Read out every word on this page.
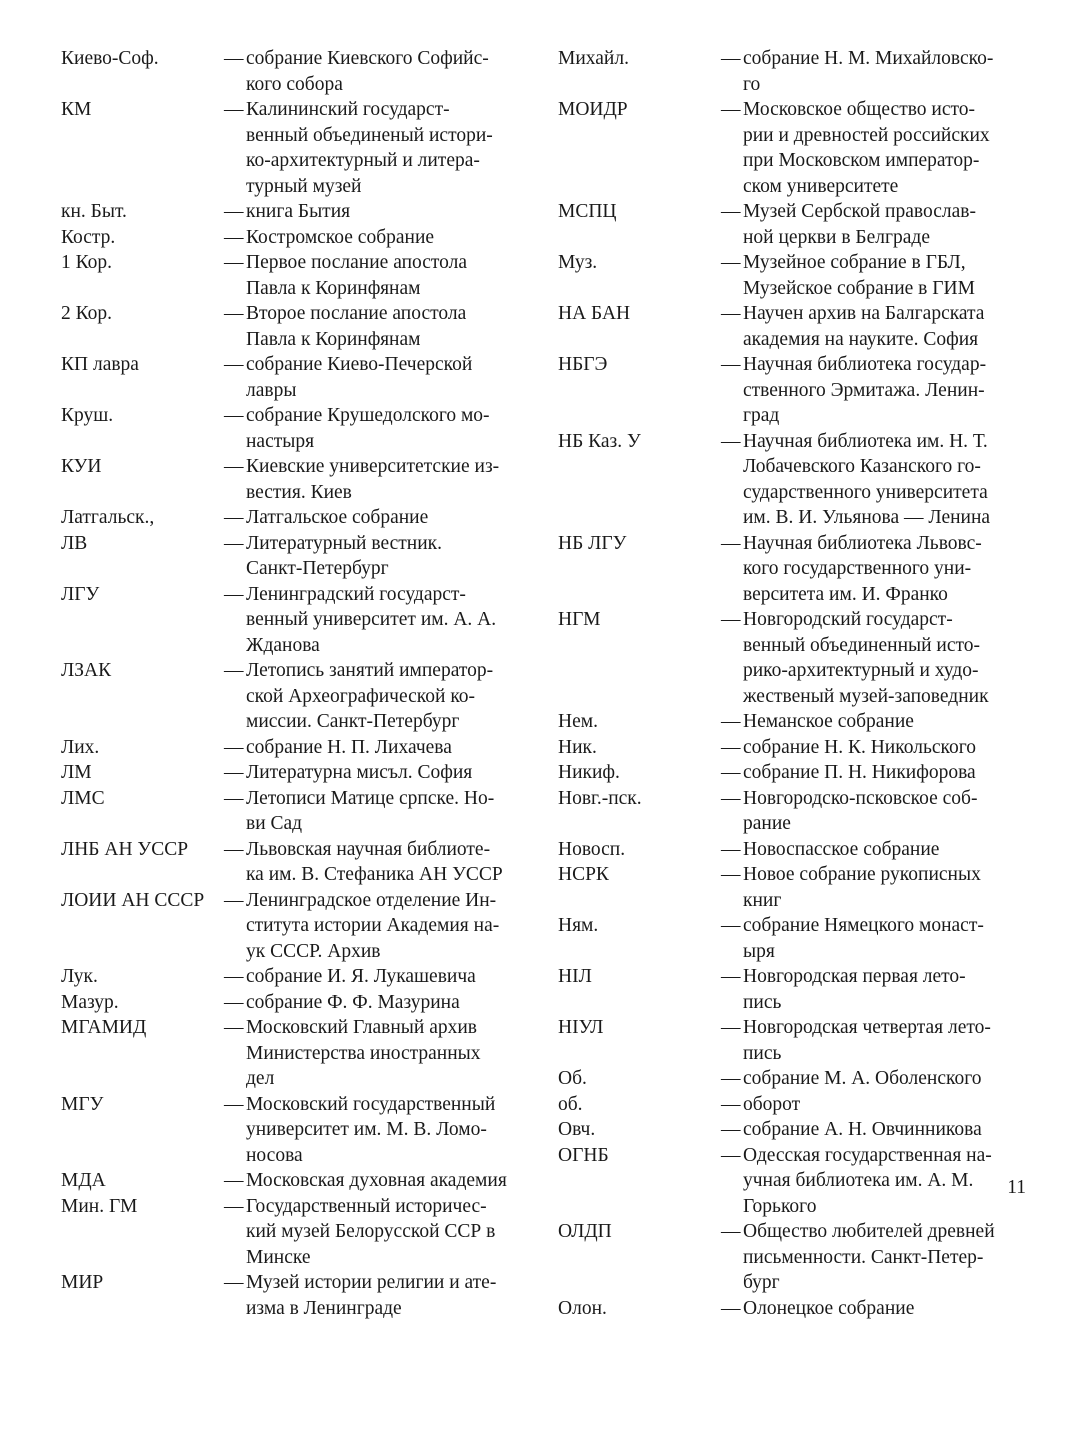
Киево-Соф.	— собрание Киевского Софийс-
кого собора
КМ	— Калининский государст-
венный объединеный истори-
ко-архитектурный и литера-
турный музей
кн. Быт.	— книга Бытия
Костр.	— Костромское собрание
1 Кор.	— Первое послание апостола
Павла к Коринфянам
2 Кор.	— Второе послание апостола
Павла к Коринфянам
КП лавра	— собрание Киево-Печерской
лавры
Круш.	— собрание Крушедолского мо-
настыря
КУИ	— Киевские университетские из-
вестия. Киев
Латгальск.,	— Латгальское собрание
ЛВ	— Литературный вестник.
Санкт-Петербург
ЛГУ	— Ленинградский государст-
венный университет им. А. А.
Жданова
ЛЗАК	— Летопись занятий император-
ской Археографической ко-
миссии. Санкт-Петербург
Лих.	— собрание Н. П. Лихачева
ЛМ	— Литературна мисъл. София
ЛМС	— Летописи Матице српске. Но-
ви Сад
ЛНБ АН УССР	— Львовская научная библиоте-
ка им. В. Стефаника АН УССР
ЛОИИ АН СССР	— Ленинградское отделение Ин-
ститута истории Академия на-
ук СССР. Архив
Лук.	— собрание И. Я. Лукашевича
Мазур.	— собрание Ф. Ф. Мазурина
МГАМИД	— Московский Главный архив
Министерства иностранных
дел
МГУ	— Московский государственный
университет им. М. В. Ломо-
носова
МДА	— Московская духовная академия
Мин. ГМ	— Государственный историчес-
кий музей Белорусской ССР в
Минске
МИР	— Музей истории религии и ате-
изма в Ленинграде
Михайл.	— собрание Н. М. Михайловско-
го
МОИДР	— Московское общество исто-
рии и древностей российских
при Московском император-
ском университете
МСПЦ	— Музей Сербской православ-
ной церкви в Белграде
Муз.	— Музейное собрание в ГБЛ,
Музейское собрание в ГИМ
НА БАН	— Научен архив на Балгарската
академия на науките. София
НБГЭ	— Научная библиотека государ-
ственного Эрмитажа. Ленин-
град
НБ Каз. У	— Научная библиотека им. Н. Т.
Лобачевского Казанского го-
сударственного университета
им. В. И. Ульянова — Ленина
НБ ЛГУ	— Научная библиотека Львовс-
кого государственного уни-
верситета им. И. Франко
НГМ	— Новгородский государст-
венный объединенный исто-
рико-архитектурный и худо-
жественый музей-заповедник
Нем.	— Неманское собрание
Ник.	— собрание Н. К. Никольского
Никиф.	— собрание П. Н. Никифорова
Новг.-пск.	— Новгородско-псковское соб-
рание
Новосп.	— Новоспасское собрание
НСРК	— Новое собрание рукописных
книг
Ням.	— собрание Нямецкого монаст-
ыря
НIЛ	— Новгородская первая лето-
пись
НIУЛ	— Новгородская четвертая лето-
пись
Об.	— собрание М. А. Оболенского
об.	— оборот
Овч.	— собрание А. Н. Овчинникова
ОГНБ	— Одесская государственная на-
учная библиотека им. А. М.
Горького
ОЛДП	— Общество любителей древней
письменности. Санкт-Петер-
бург
Олон.	— Олонецкое собрание
11
